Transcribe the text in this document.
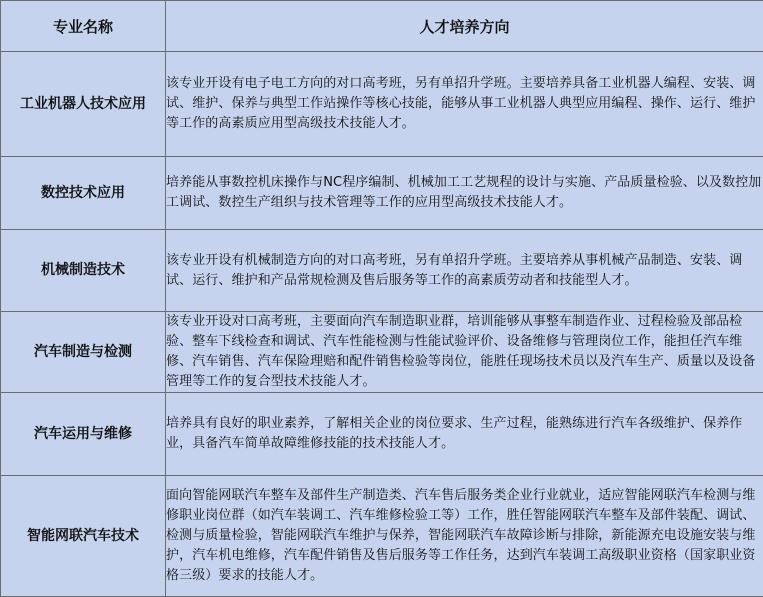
专业名称	人才培养方向
工业机器人技术应用	该专业开设有电子电工方向的对口高考班，另有单招升学班。主要培养具备工业机器人编程、安装、调试、维护、保养与典型工作站操作等核心技能，能够从事工业机器人典型应用编程、操作、运行、维护等工作的高素质应用型高级技术技能人才。
数控技术应用	培养能从事数控机床操作与NC程序编制、机械加工工艺规程的设计与实施、产品质量检验、以及数控加工调试、数控生产组织与技术管理等工作的应用型高级技术技能人才。
机械制造技术	该专业开设有机械制造方向的对口高考班，另有单招升学班。主要培养从事机械产品制造、安装、调试、运行、维护和产品常规检测及售后服务等工作的高素质劳动者和技能型人才。
汽车制造与检测	该专业开设对口高考班，主要面向汽车制造职业群，培训能够从事整车制造作业、过程检验及部品检验、整车下线检查和调试、汽车性能检测与性能试验评价、设备维修与管理岗位工作，能担任汽车维修、汽车销售、汽车保险理赔和配件销售检验等岗位，能胜任现场技术员以及汽车生产、质量以及设备管理等工作的复合型技术技能人才。
汽车运用与维修	培养具有良好的职业素养，了解相关企业的岗位要求、生产过程，能熟练进行汽车各级维护、保养作业，具备汽车简单故障维修技能的技术技能人才。
智能网联汽车技术	面向智能网联汽车整车及部件生产制造类、汽车售后服务类企业行业就业，适应智能网联汽车检测与维修职业岗位群（如汽车装调工、汽车维修检验工等）工作，胜任智能网联汽车整车及部件装配、调试、检测与质量检验，智能网联汽车维护与保养，智能网联汽车故障诊断与排除，新能源充电设施安装与维护，汽车机电维修，汽车配件销售及售后服务等工作任务，达到汽车装调工高级职业资格（国家职业资格三级）要求的技能人才。
